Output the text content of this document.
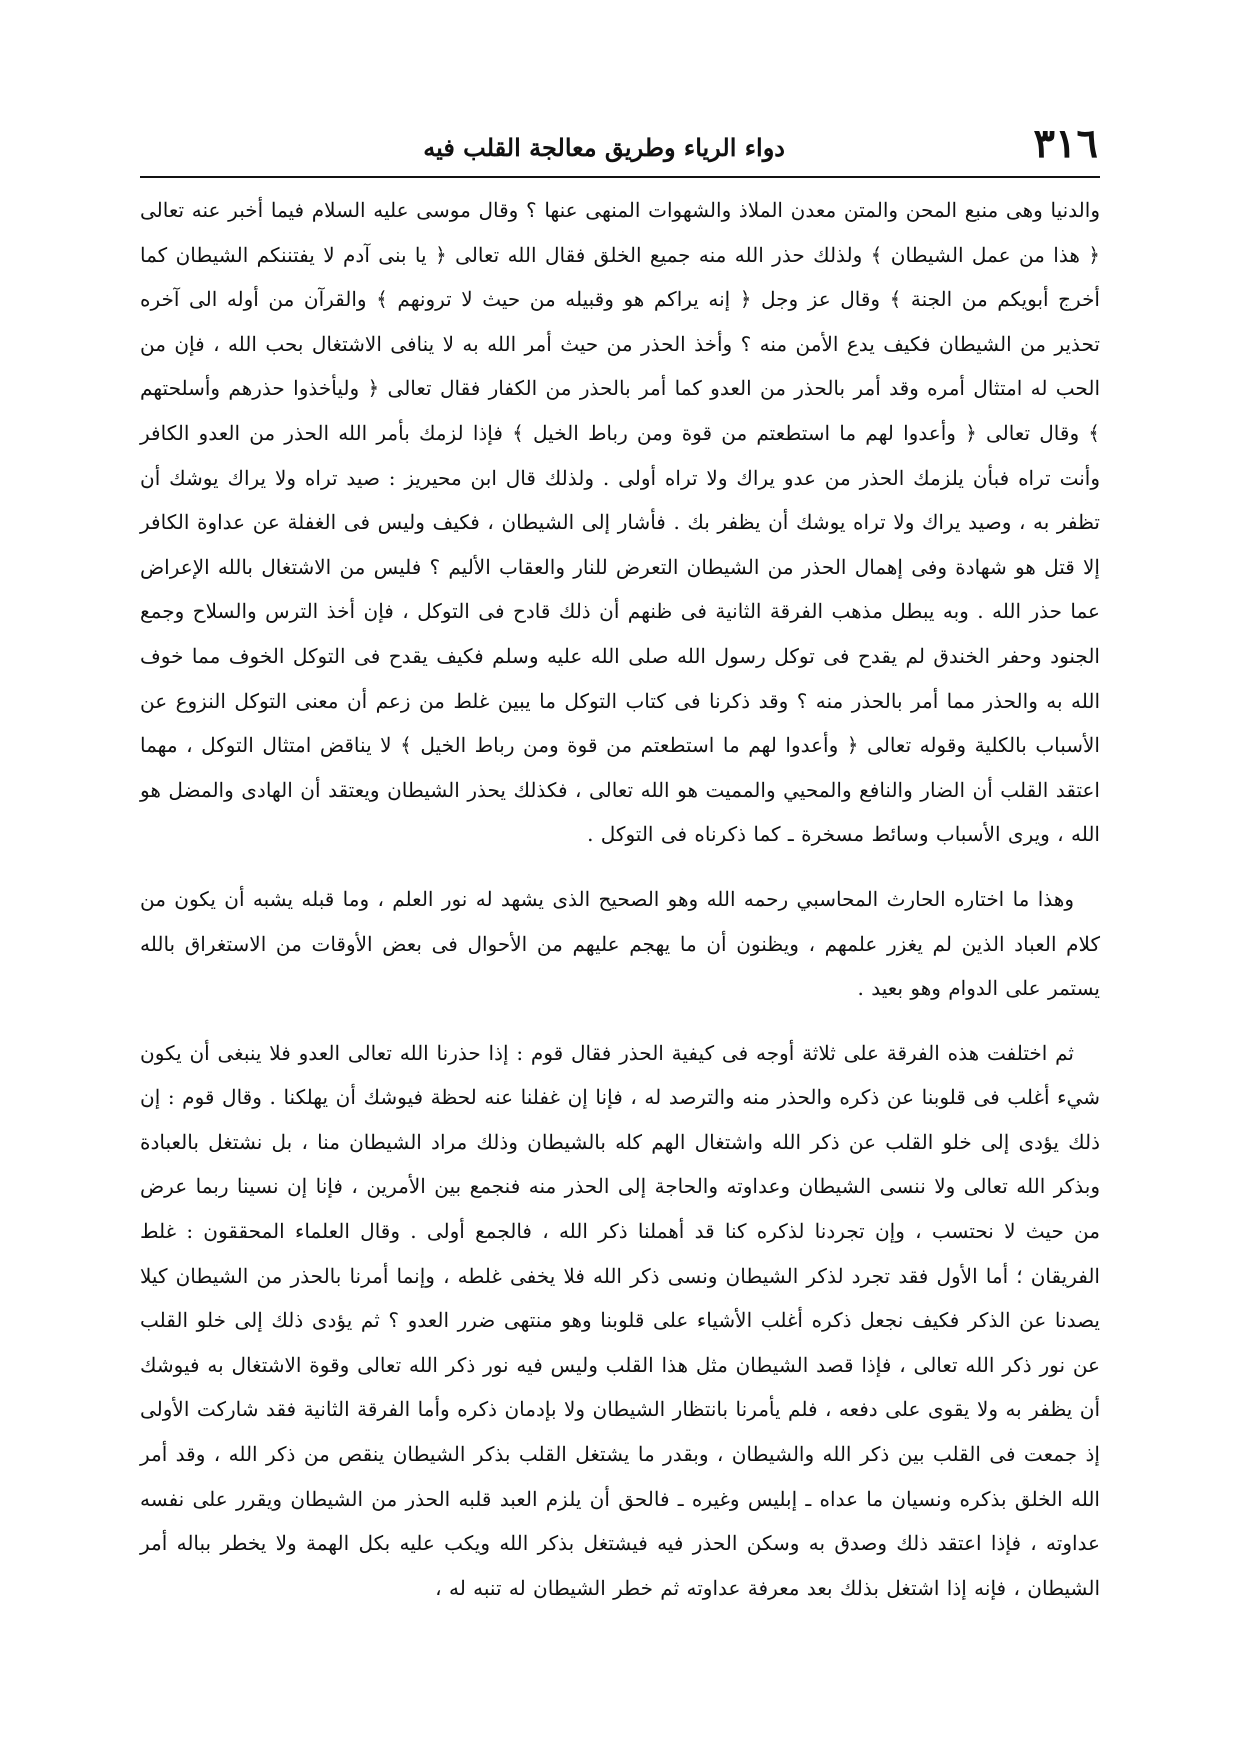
٣١٦
دواء الرياء وطريق معالجة القلب فيه

والدنيا وهى منبع المحن والمتن معدن الملاذ والشهوات المنهى عنها ؟ وقال موسى عليه السلام فيما أخبر عنه تعالى ﴿ هذا من عمل الشيطان ﴾ ولذلك حذر الله منه جميع الخلق فقال الله تعالى ﴿ يا بنى آدم لا يفتننكم الشيطان كما أخرج أبويكم من الجنة ﴾ وقال عز وجل ﴿ إنه يراكم هو وقبيله من حيث لا ترونهم ﴾ والقرآن من أوله الى آخره تحذير من الشيطان فكيف يدع الأمن منه ؟ وأخذ الحذر من حيث أمر الله به لا ينافى الاشتغال بحب الله ، فإن من الحب له امتثال أمره وقد أمر بالحذر من العدو كما أمر بالحذر من الكفار فقال تعالى ﴿ وليأخذوا حذرهم وأسلحتهم ﴾ وقال تعالى ﴿ وأعدوا لهم ما استطعتم من قوة ومن رباط الخيل ﴾ فإذا لزمك بأمر الله الحذر من العدو الكافر وأنت تراه فبأن يلزمك الحذر من عدو يراك ولا تراه أولى . ولذلك قال ابن محيريز : صيد تراه ولا يراك يوشك أن تظفر به ، وصيد يراك ولا تراه يوشك أن يظفر بك . فأشار إلى الشيطان ، فكيف وليس فى الغفلة عن عداوة الكافر إلا قتل هو شهادة وفى إهمال الحذر من الشيطان التعرض للنار والعقاب الأليم ؟ فليس من الاشتغال بالله الإعراض عما حذر الله . وبه يبطل مذهب الفرقة الثانية فى ظنهم أن ذلك قادح فى التوكل ، فإن أخذ الترس والسلاح وجمع الجنود وحفر الخندق لم يقدح فى توكل رسول الله صلى الله عليه وسلم فكيف يقدح فى التوكل الخوف مما خوف الله به والحذر مما أمر بالحذر منه ؟ وقد ذكرنا فى كتاب التوكل ما يبين غلط من زعم أن معنى التوكل النزوع عن الأسباب بالكلية وقوله تعالى ﴿ وأعدوا لهم ما استطعتم من قوة ومن رباط الخيل ﴾ لا يناقض امتثال التوكل ، مهما اعتقد القلب أن الضار والنافع والمحيي والمميت هو الله تعالى ، فكذلك يحذر الشيطان ويعتقد أن الهادى والمضل هو الله ، ويرى الأسباب وسائط مسخرة ـ كما ذكرناه فى التوكل .

وهذا ما اختاره الحارث المحاسبي رحمه الله وهو الصحيح الذى يشهد له نور العلم ، وما قبله يشبه أن يكون من كلام العباد الذين لم يغزر علمهم ، ويظنون أن ما يهجم عليهم من الأحوال فى بعض الأوقات من الاستغراق بالله يستمر على الدوام وهو بعيد .

ثم اختلفت هذه الفرقة على ثلاثة أوجه فى كيفية الحذر فقال قوم : إذا حذرنا الله تعالى العدو فلا ينبغى أن يكون شيء أغلب فى قلوبنا عن ذكره والحذر منه والترصد له ، فإنا إن غفلنا عنه لحظة فيوشك أن يهلكنا . وقال قوم : إن ذلك يؤدى إلى خلو القلب عن ذكر الله واشتغال الهم كله بالشيطان وذلك مراد الشيطان منا ، بل نشتغل بالعبادة وبذكر الله تعالى ولا ننسى الشيطان وعداوته والحاجة إلى الحذر منه فنجمع بين الأمرين ، فإنا إن نسينا ربما عرض من حيث لا نحتسب ، وإن تجردنا لذكره كنا قد أهملنا ذكر الله ، فالجمع أولى . وقال العلماء المحققون : غلط الفريقان ؛ أما الأول فقد تجرد لذكر الشيطان ونسى ذكر الله فلا يخفى غلطه ، وإنما أمرنا بالحذر من الشيطان كيلا يصدنا عن الذكر فكيف نجعل ذكره أغلب الأشياء على قلوبنا وهو منتهى ضرر العدو ؟ ثم يؤدى ذلك إلى خلو القلب عن نور ذكر الله تعالى ، فإذا قصد الشيطان مثل هذا القلب وليس فيه نور ذكر الله تعالى وقوة الاشتغال به فيوشك أن يظفر به ولا يقوى على دفعه ، فلم يأمرنا بانتظار الشيطان ولا بإدمان ذكره وأما الفرقة الثانية فقد شاركت الأولى إذ جمعت فى القلب بين ذكر الله والشيطان ، وبقدر ما يشتغل القلب بذكر الشيطان ينقص من ذكر الله ، وقد أمر الله الخلق بذكره ونسيان ما عداه ـ إبليس وغيره ـ فالحق أن يلزم العبد قلبه الحذر من الشيطان ويقرر على نفسه عداوته ، فإذا اعتقد ذلك وصدق به وسكن الحذر فيه فيشتغل بذكر الله ويكب عليه بكل الهمة ولا يخطر بباله أمر الشيطان ، فإنه إذا اشتغل بذلك بعد معرفة عداوته ثم خطر الشيطان له تنبه له ،
